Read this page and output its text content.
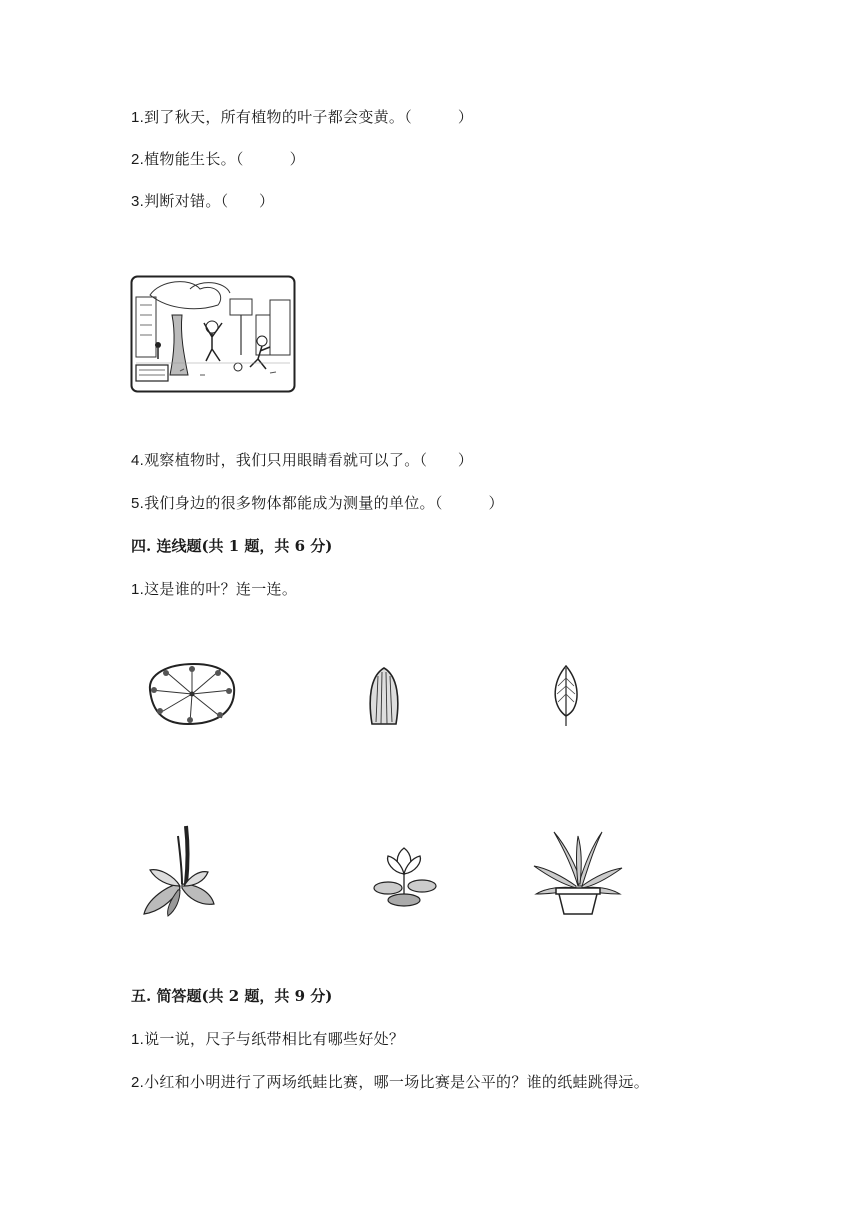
1.到了秋天，所有植物的叶子都会变黄。（　　　）
2.植物能生长。（　　　）
3.判断对错。（　　）
4.观察植物时，我们只用眼睛看就可以了。（　　）
5.我们身边的很多物体都能成为测量的单位。（　　　）
四. 连线题(共 1 题，共 6 分)
1.这是谁的叶？连一连。
五. 简答题(共 2 题，共 9 分)
1.说一说，尺子与纸带相比有哪些好处？
2.小红和小明进行了两场纸蛙比赛，哪一场比赛是公平的？谁的纸蛙跳得远。
